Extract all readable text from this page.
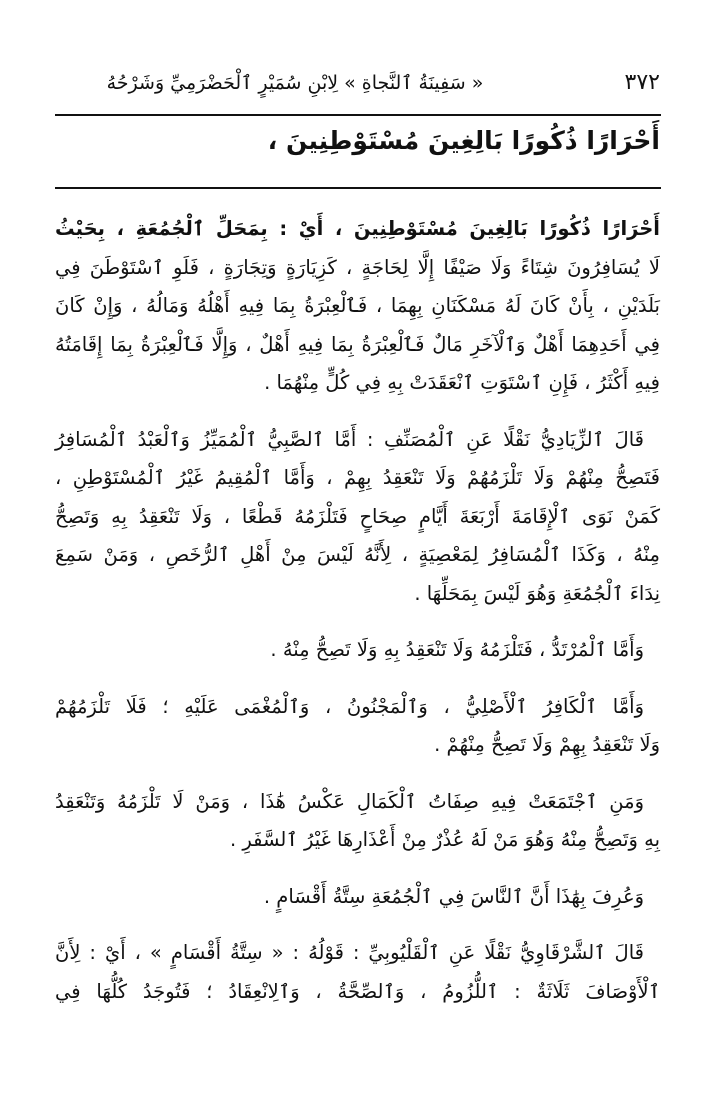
٣٧٢
« سَفِينَةُ ٱلنَّجاةِ » لِابْنِ سُمَيْرٍ ٱلْحَضْرَمِيِّ وَشَرْحُهُ
أَحْرَارًا ذُكُورًا بَالِغِينَ مُسْتَوْطِنِينَ ،

أَحْرَارًا ذُكُورًا بَالِغِينَ مُسْتَوْطِنِينَ ، أَيْ : بِمَحَلِّ ٱلْجُمُعَةِ ، بِحَيْثُ
لَا يُسَافِرُونَ شِتَاءً وَلَا صَيْفًا إِلَّا لِحَاجَةٍ ، كَزِيَارَةٍ وَتِجَارَةٍ ، فَلَوِ ٱسْتَوْطَنَ فِي
بَلَدَيْنِ ، بِأَنْ كَانَ لَهُ مَسْكَنَانِ بِهِمَا ، فَٱلْعِبْرَةُ بِمَا فِيهِ أَهْلُهُ وَمَالُهُ ، وَإِنْ كَانَ
فِي أَحَدِهِمَا أَهْلٌ وَٱلْآخَرِ مَالٌ فَٱلْعِبْرَةُ بِمَا فِيهِ أَهْلٌ ، وَإِلَّا فَٱلْعِبْرَةُ بِمَا إِقَامَتُهُ
فِيهِ أَكْثَرُ ، فَإِنِ ٱسْتَوَتِ ٱنْعَقَدَتْ بِهِ فِي كُلٍّ مِنْهُمَا .

قَالَ ٱلزِّيَادِيُّ نَقْلًا عَنِ ٱلْمُصَنِّفِ : أَمَّا ٱلصَّبِيُّ ٱلْمُمَيِّزُ وَٱلْعَبْدُ ٱلْمُسَافِرُ
فَتَصِحُّ مِنْهُمْ وَلَا تَلْزَمُهُمْ وَلَا تَنْعَقِدُ بِهِمْ ، وَأَمَّا ٱلْمُقِيمُ غَيْرُ ٱلْمُسْتَوْطِنِ ،
كَمَنْ نَوَى ٱلْإِقَامَةَ أَرْبَعَةَ أَيَّامٍ صِحَاحٍ فَتَلْزَمُهُ قَطْعًا ، وَلَا تَنْعَقِدُ بِهِ وَتَصِحُّ
مِنْهُ ، وَكَذَا ٱلْمُسَافِرُ لِمَعْصِيَةٍ ، لِأَنَّهُ لَيْسَ مِنْ أَهْلِ ٱلرُّخَصِ ، وَمَنْ سَمِعَ
نِدَاءَ ٱلْجُمُعَةِ وَهُوَ لَيْسَ بِمَحَلِّهَا .

وَأَمَّا ٱلْمُرْتَدُّ ، فَتَلْزَمُهُ وَلَا تَنْعَقِدُ بِهِ وَلَا تَصِحُّ مِنْهُ .

وَأَمَّا ٱلْكَافِرُ ٱلْأَصْلِيُّ ، وَٱلْمَجْنُونُ ، وَٱلْمُغْمَى عَلَيْهِ ؛ فَلَا تَلْزَمُهُمْ
وَلَا تَنْعَقِدُ بِهِمْ وَلَا تَصِحُّ مِنْهُمْ .

وَمَنِ ٱجْتَمَعَتْ فِيهِ صِفَاتُ ٱلْكَمَالِ عَكْسُ هَٰذَا ، وَمَنْ لَا تَلْزَمُهُ وَتَنْعَقِدُ
بِهِ وَتَصِحُّ مِنْهُ وَهُوَ مَنْ لَهُ عُذْرٌ مِنْ أَعْذَارِهَا غَيْرُ ٱلسَّفَرِ .

وَعُرِفَ بِهَٰذَا أَنَّ ٱلنَّاسَ فِي ٱلْجُمُعَةِ سِتَّةُ أَقْسَامٍ .

قَالَ ٱلشَّرْقَاوِيُّ نَقْلًا عَنِ ٱلْقَلْيُوبِيِّ : قَوْلُهُ : « سِتَّةُ أَقْسَامٍ » ، أَيْ : لِأَنَّ
ٱلْأَوْصَافَ ثَلَاثَةٌ : ٱللُّزُومُ ، وَٱلصِّحَّةُ ، وَٱلِانْعِقَادُ ؛ فَتُوجَدُ كُلُّهَا فِي
